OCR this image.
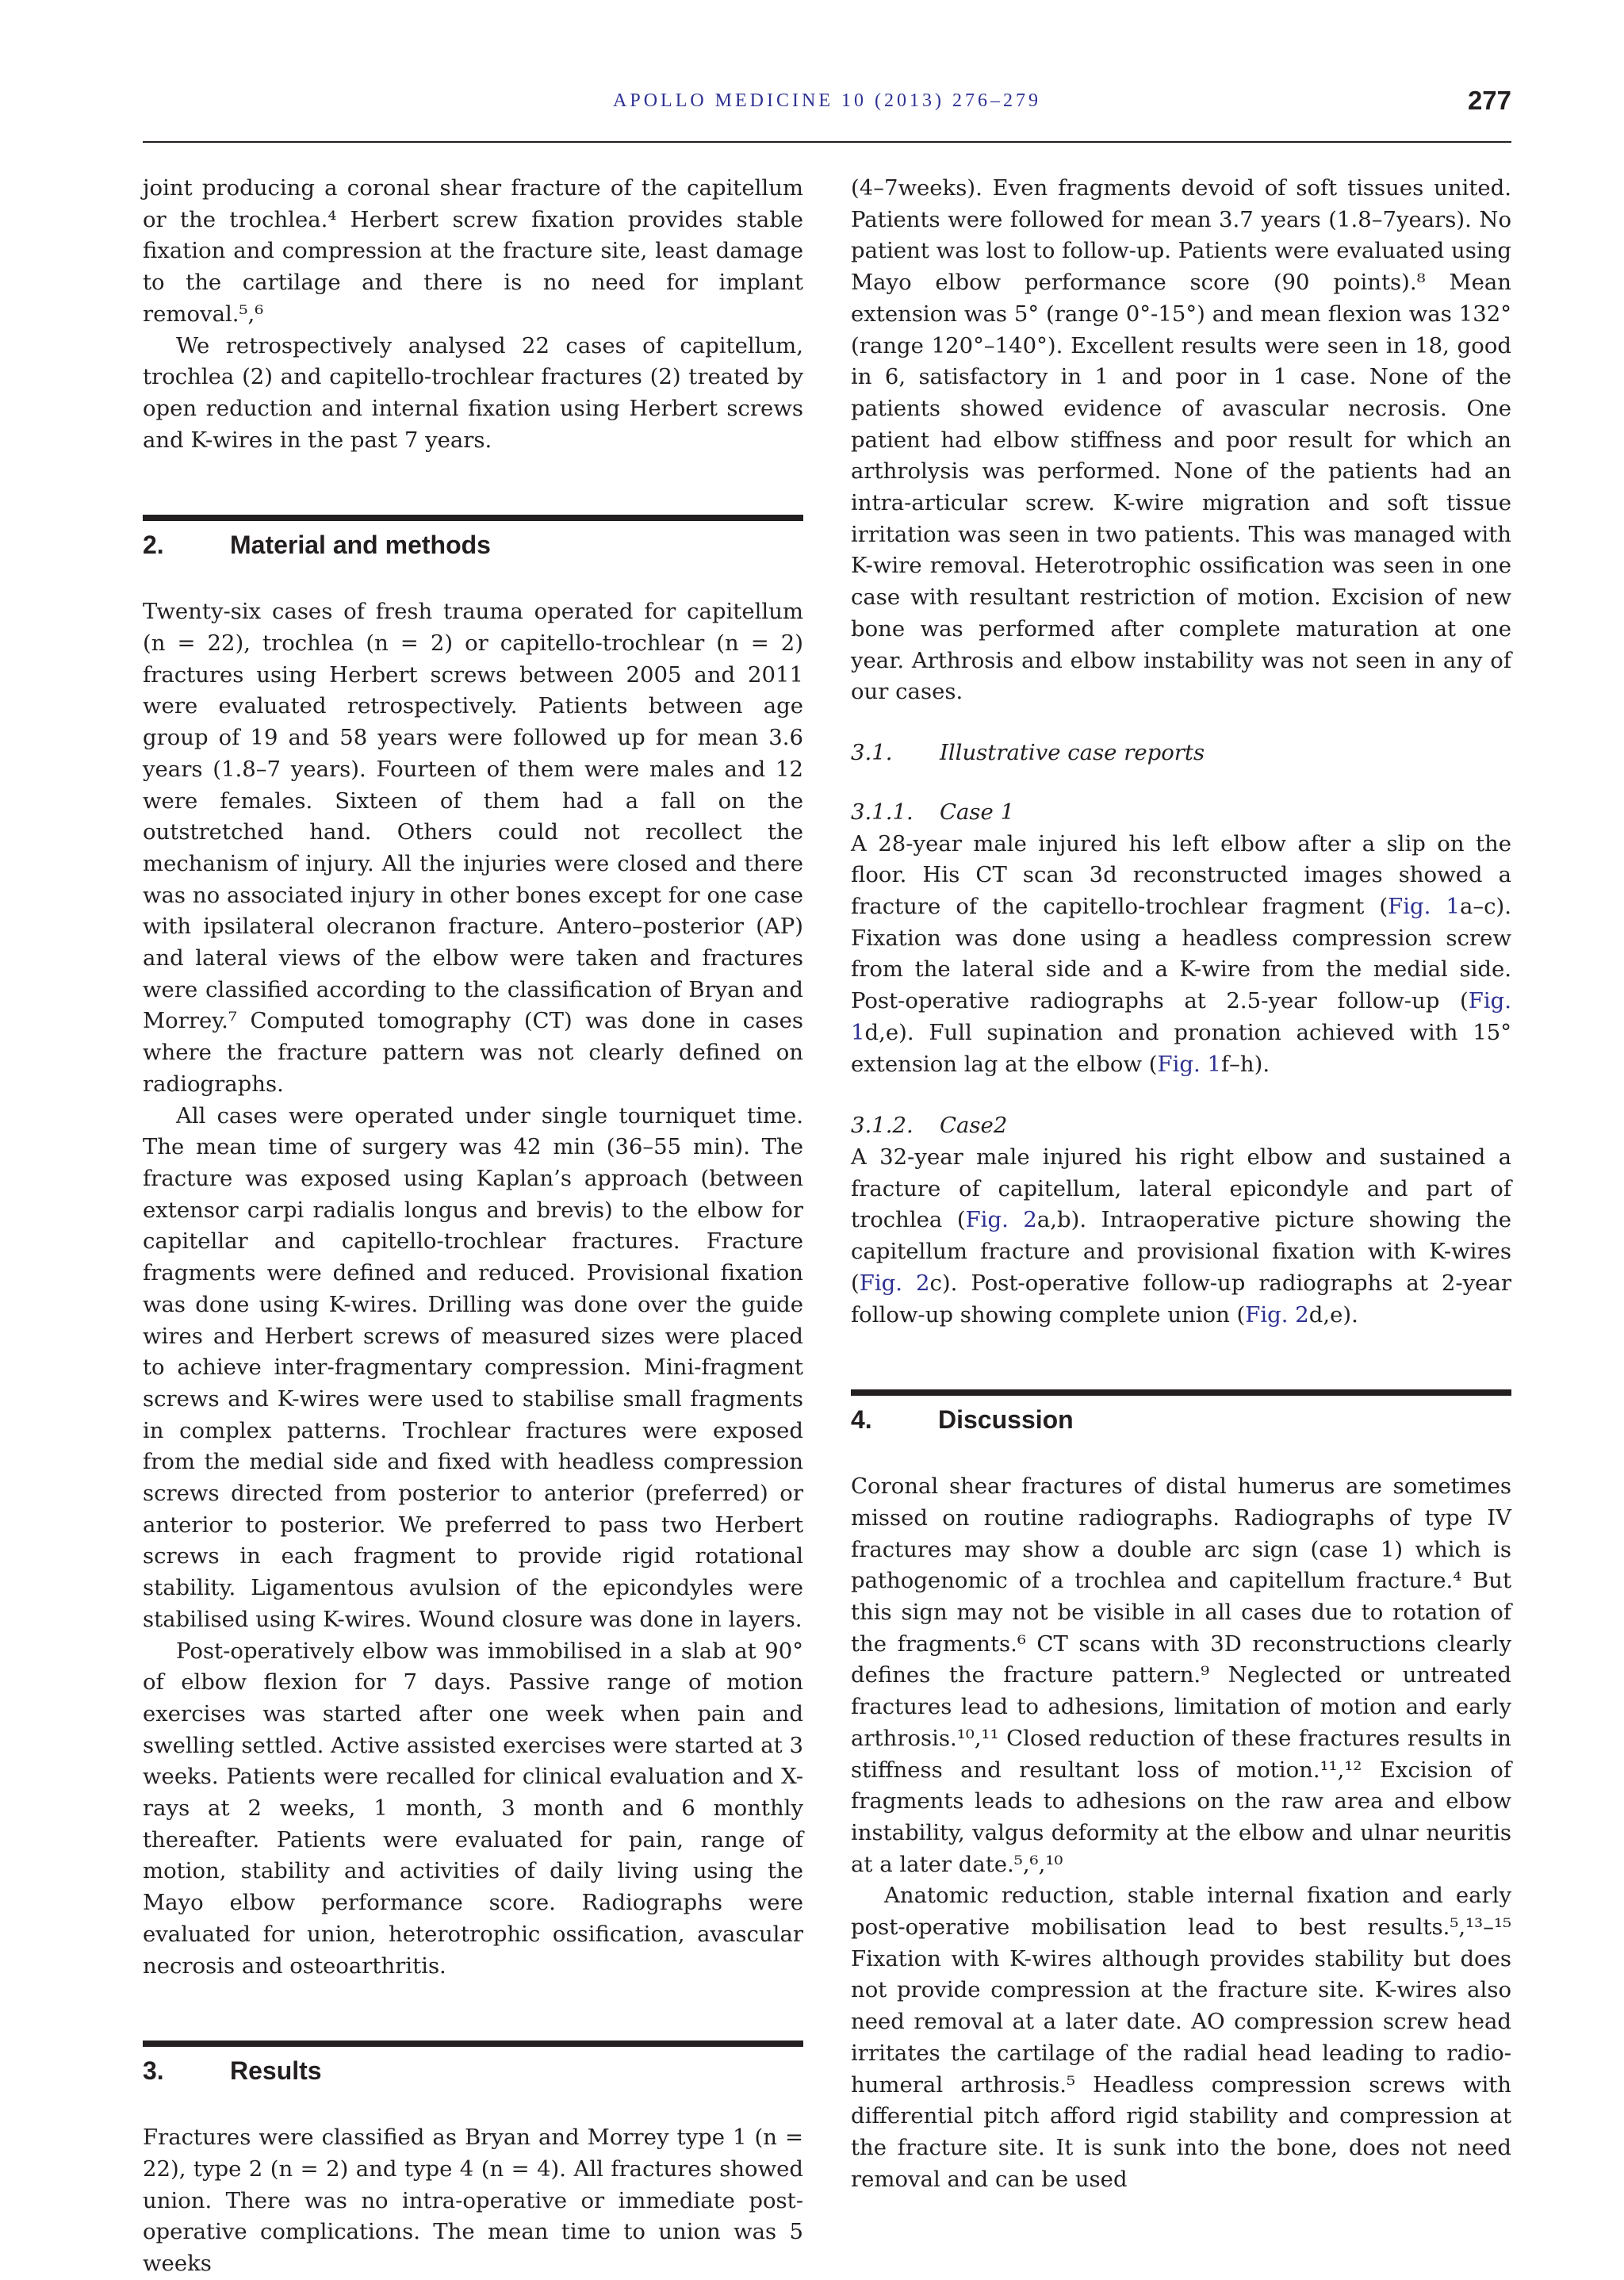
APOLLO MEDICINE 10 (2013) 276–279	277

joint producing a coronal shear fracture of the capitellum or the trochlea.⁴ Herbert screw fixation provides stable fixation and compression at the fracture site, least damage to the cartilage and there is no need for implant removal.⁵,⁶

We retrospectively analysed 22 cases of capitellum, trochlea (2) and capitello-trochlear fractures (2) treated by open reduction and internal fixation using Herbert screws and K-wires in the past 7 years.

2.	Material and methods

Twenty-six cases of fresh trauma operated for capitellum (n = 22), trochlea (n = 2) or capitello-trochlear (n = 2) fractures using Herbert screws between 2005 and 2011 were evaluated retrospectively. Patients between age group of 19 and 58 years were followed up for mean 3.6 years (1.8–7 years). Fourteen of them were males and 12 were females. Sixteen of them had a fall on the outstretched hand. Others could not recollect the mechanism of injury. All the injuries were closed and there was no associated injury in other bones except for one case with ipsilateral olecranon fracture. Antero–posterior (AP) and lateral views of the elbow were taken and fractures were classified according to the classification of Bryan and Morrey.⁷ Computed tomography (CT) was done in cases where the fracture pattern was not clearly defined on radiographs.

All cases were operated under single tourniquet time. The mean time of surgery was 42 min (36–55 min). The fracture was exposed using Kaplan’s approach (between extensor carpi radialis longus and brevis) to the elbow for capitellar and capitello-trochlear fractures. Fracture fragments were defined and reduced. Provisional fixation was done using K-wires. Drilling was done over the guide wires and Herbert screws of measured sizes were placed to achieve inter-fragmentary compression. Mini-fragment screws and K-wires were used to stabilise small fragments in complex patterns. Trochlear fractures were exposed from the medial side and fixed with headless compression screws directed from posterior to anterior (preferred) or anterior to posterior. We preferred to pass two Herbert screws in each fragment to provide rigid rotational stability. Ligamentous avulsion of the epicondyles were stabilised using K-wires. Wound closure was done in layers.

Post-operatively elbow was immobilised in a slab at 90° of elbow flexion for 7 days. Passive range of motion exercises was started after one week when pain and swelling settled. Active assisted exercises were started at 3 weeks. Patients were recalled for clinical evaluation and X-rays at 2 weeks, 1 month, 3 month and 6 monthly thereafter. Patients were evaluated for pain, range of motion, stability and activities of daily living using the Mayo elbow performance score. Radiographs were evaluated for union, heterotrophic ossification, avascular necrosis and osteoarthritis.

3.	Results

Fractures were classified as Bryan and Morrey type 1 (n = 22), type 2 (n = 2) and type 4 (n = 4). All fractures showed union. There was no intra-operative or immediate post-operative complications. The mean time to union was 5 weeks

(4–7weeks). Even fragments devoid of soft tissues united. Patients were followed for mean 3.7 years (1.8–7years). No patient was lost to follow-up. Patients were evaluated using Mayo elbow performance score (90 points).⁸ Mean extension was 5° (range 0°-15°) and mean flexion was 132° (range 120°–140°). Excellent results were seen in 18, good in 6, satisfactory in 1 and poor in 1 case. None of the patients showed evidence of avascular necrosis. One patient had elbow stiffness and poor result for which an arthrolysis was performed. None of the patients had an intra-articular screw. K-wire migration and soft tissue irritation was seen in two patients. This was managed with K-wire removal. Heterotrophic ossification was seen in one case with resultant restriction of motion. Excision of new bone was performed after complete maturation at one year. Arthrosis and elbow instability was not seen in any of our cases.

3.1.	Illustrative case reports
3.1.1.	Case 1

A 28-year male injured his left elbow after a slip on the floor. His CT scan 3d reconstructed images showed a fracture of the capitello-trochlear fragment (Fig. 1a–c). Fixation was done using a headless compression screw from the lateral side and a K-wire from the medial side. Post-operative radiographs at 2.5-year follow-up (Fig. 1d,e). Full supination and pronation achieved with 15° extension lag at the elbow (Fig. 1f–h).

3.1.2.	Case2

A 32-year male injured his right elbow and sustained a fracture of capitellum, lateral epicondyle and part of trochlea (Fig. 2a,b). Intraoperative picture showing the capitellum fracture and provisional fixation with K-wires (Fig. 2c). Post-operative follow-up radiographs at 2-year follow-up showing complete union (Fig. 2d,e).

4.	Discussion

Coronal shear fractures of distal humerus are sometimes missed on routine radiographs. Radiographs of type IV fractures may show a double arc sign (case 1) which is pathogenomic of a trochlea and capitellum fracture.⁴ But this sign may not be visible in all cases due to rotation of the fragments.⁶ CT scans with 3D reconstructions clearly defines the fracture pattern.⁹ Neglected or untreated fractures lead to adhesions, limitation of motion and early arthrosis.¹⁰,¹¹ Closed reduction of these fractures results in stiffness and resultant loss of motion.¹¹,¹² Excision of fragments leads to adhesions on the raw area and elbow instability, valgus deformity at the elbow and ulnar neuritis at a later date.⁵,⁶,¹⁰

Anatomic reduction, stable internal fixation and early post-operative mobilisation lead to best results.⁵,¹³–¹⁵ Fixation with K-wires although provides stability but does not provide compression at the fracture site. K-wires also need removal at a later date. AO compression screw head irritates the cartilage of the radial head leading to radio-humeral arthrosis.⁵ Headless compression screws with differential pitch afford rigid stability and compression at the fracture site. It is sunk into the bone, does not need removal and can be used
